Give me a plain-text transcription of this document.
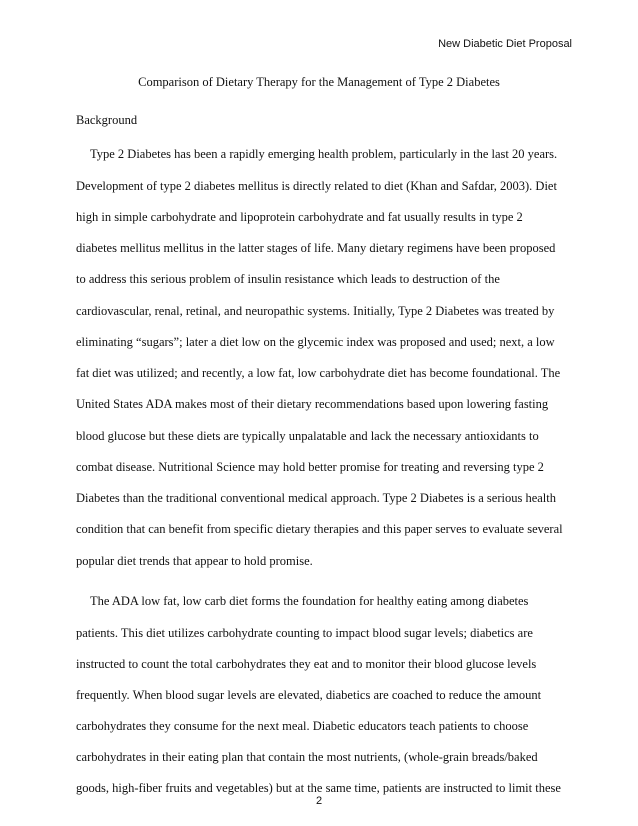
New Diabetic Diet Proposal
Comparison of Dietary Therapy for the Management of Type 2 Diabetes
Background
Type 2 Diabetes has been a rapidly emerging health problem, particularly in the last 20 years.
Development of type 2 diabetes mellitus is directly related to diet (Khan and Safdar, 2003). Diet
high in simple carbohydrate and lipoprotein carbohydrate and fat usually results in type 2
diabetes mellitus mellitus in the latter stages of life. Many dietary regimens have been proposed
to address this serious problem of insulin resistance which leads to destruction of the
cardiovascular, renal, retinal, and neuropathic systems. Initially, Type 2 Diabetes was treated by
eliminating “sugars”; later a diet low on the glycemic index was proposed and used; next, a low
fat diet was utilized; and recently, a low fat, low carbohydrate diet has become foundational. The
United States ADA makes most of their dietary recommendations based upon lowering fasting
blood glucose but these diets are typically unpalatable and lack the necessary antioxidants to
combat disease. Nutritional Science may hold better promise for treating and reversing type 2
Diabetes than the traditional conventional medical approach. Type 2 Diabetes is a serious health
condition that can benefit from specific dietary therapies and this paper serves to evaluate several
popular diet trends that appear to hold promise.
The ADA low fat, low carb diet forms the foundation for healthy eating among diabetes
patients. This diet utilizes carbohydrate counting to impact blood sugar levels; diabetics are
instructed to count the total carbohydrates they eat and to monitor their blood glucose levels
frequently. When blood sugar levels are elevated, diabetics are coached to reduce the amount
carbohydrates they consume for the next meal. Diabetic educators teach patients to choose
carbohydrates in their eating plan that contain the most nutrients, (whole-grain breads/baked
goods, high-fiber fruits and vegetables) but at the same time, patients are instructed to limit these
2
